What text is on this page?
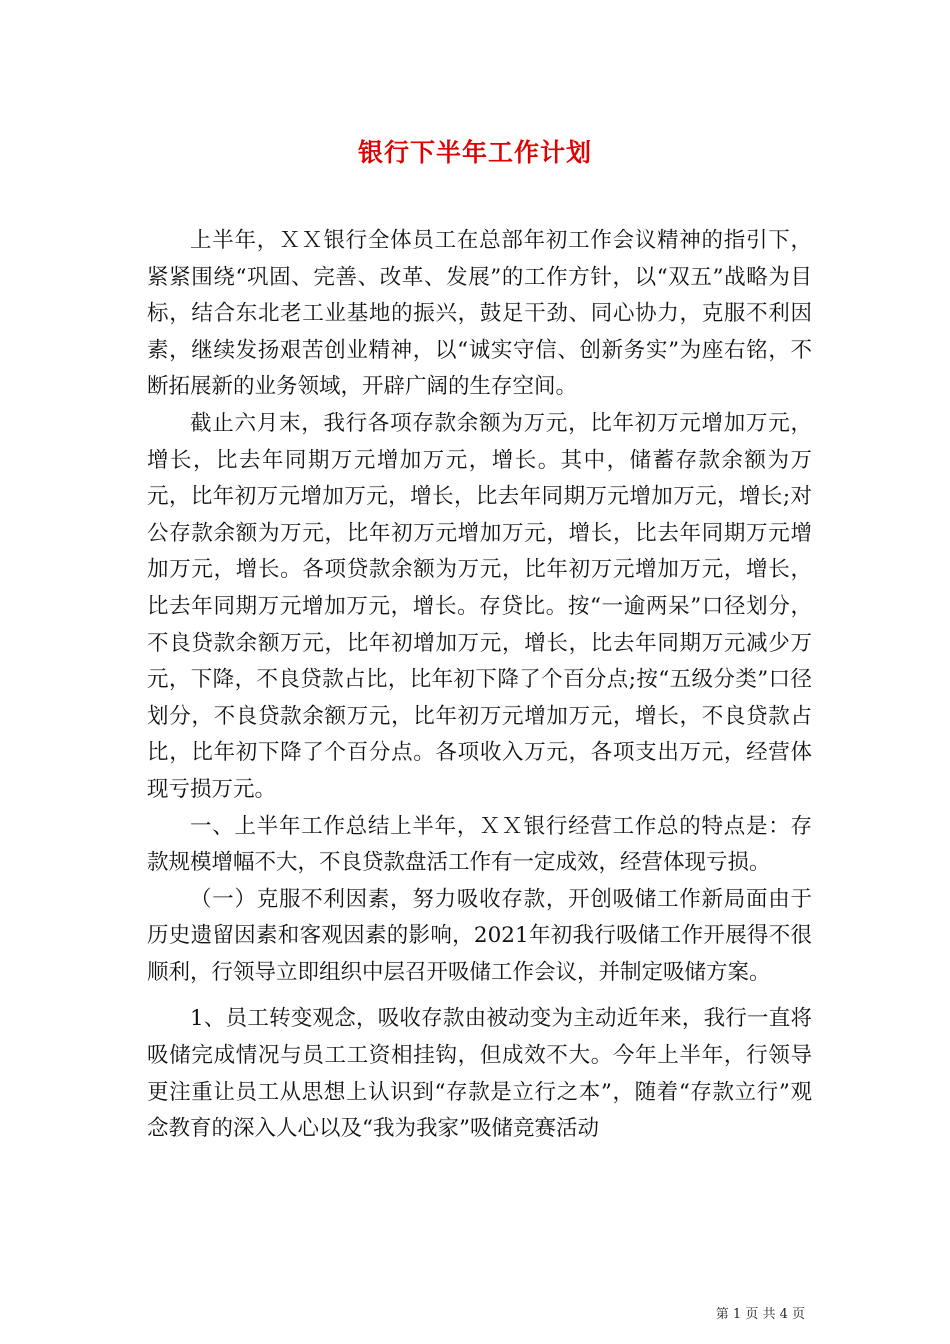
银行下半年工作计划

上半年，ＸＸ银行全体员工在总部年初工作会议精神的指引下，紧紧围绕“巩固、完善、改革、发展”的工作方针，以“双五”战略为目标，结合东北老工业基地的振兴，鼓足干劲、同心协力，克服不利因素，继续发扬艰苦创业精神，以“诚实守信、创新务实”为座右铭，不断拓展新的业务领域，开辟广阔的生存空间。

截止六月末，我行各项存款余额为万元，比年初万元增加万元，增长，比去年同期万元增加万元，增长。其中，储蓄存款余额为万元，比年初万元增加万元，增长，比去年同期万元增加万元，增长;对公存款余额为万元，比年初万元增加万元，增长，比去年同期万元增加万元，增长。各项贷款余额为万元，比年初万元增加万元，增长，比去年同期万元增加万元，增长。存贷比。按“一逾两呆”口径划分，不良贷款余额万元，比年初增加万元，增长，比去年同期万元减少万元，下降，不良贷款占比，比年初下降了个百分点;按“五级分类”口径划分，不良贷款余额万元，比年初万元增加万元，增长，不良贷款占比，比年初下降了个百分点。各项收入万元，各项支出万元，经营体现亏损万元。

一、上半年工作总结上半年，ＸＸ银行经营工作总的特点是：存款规模增幅不大，不良贷款盘活工作有一定成效，经营体现亏损。

（一）克服不利因素，努力吸收存款，开创吸储工作新局面由于历史遗留因素和客观因素的影响，2021年初我行吸储工作开展得不很顺利，行领导立即组织中层召开吸储工作会议，并制定吸储方案。

1、员工转变观念，吸收存款由被动变为主动近年来，我行一直将吸储完成情况与员工工资相挂钩，但成效不大。今年上半年，行领导更注重让员工从思想上认识到“存款是立行之本”，随着“存款立行”观念教育的深入人心以及“我为我家”吸储竞赛活动

第 1 页 共 4 页
